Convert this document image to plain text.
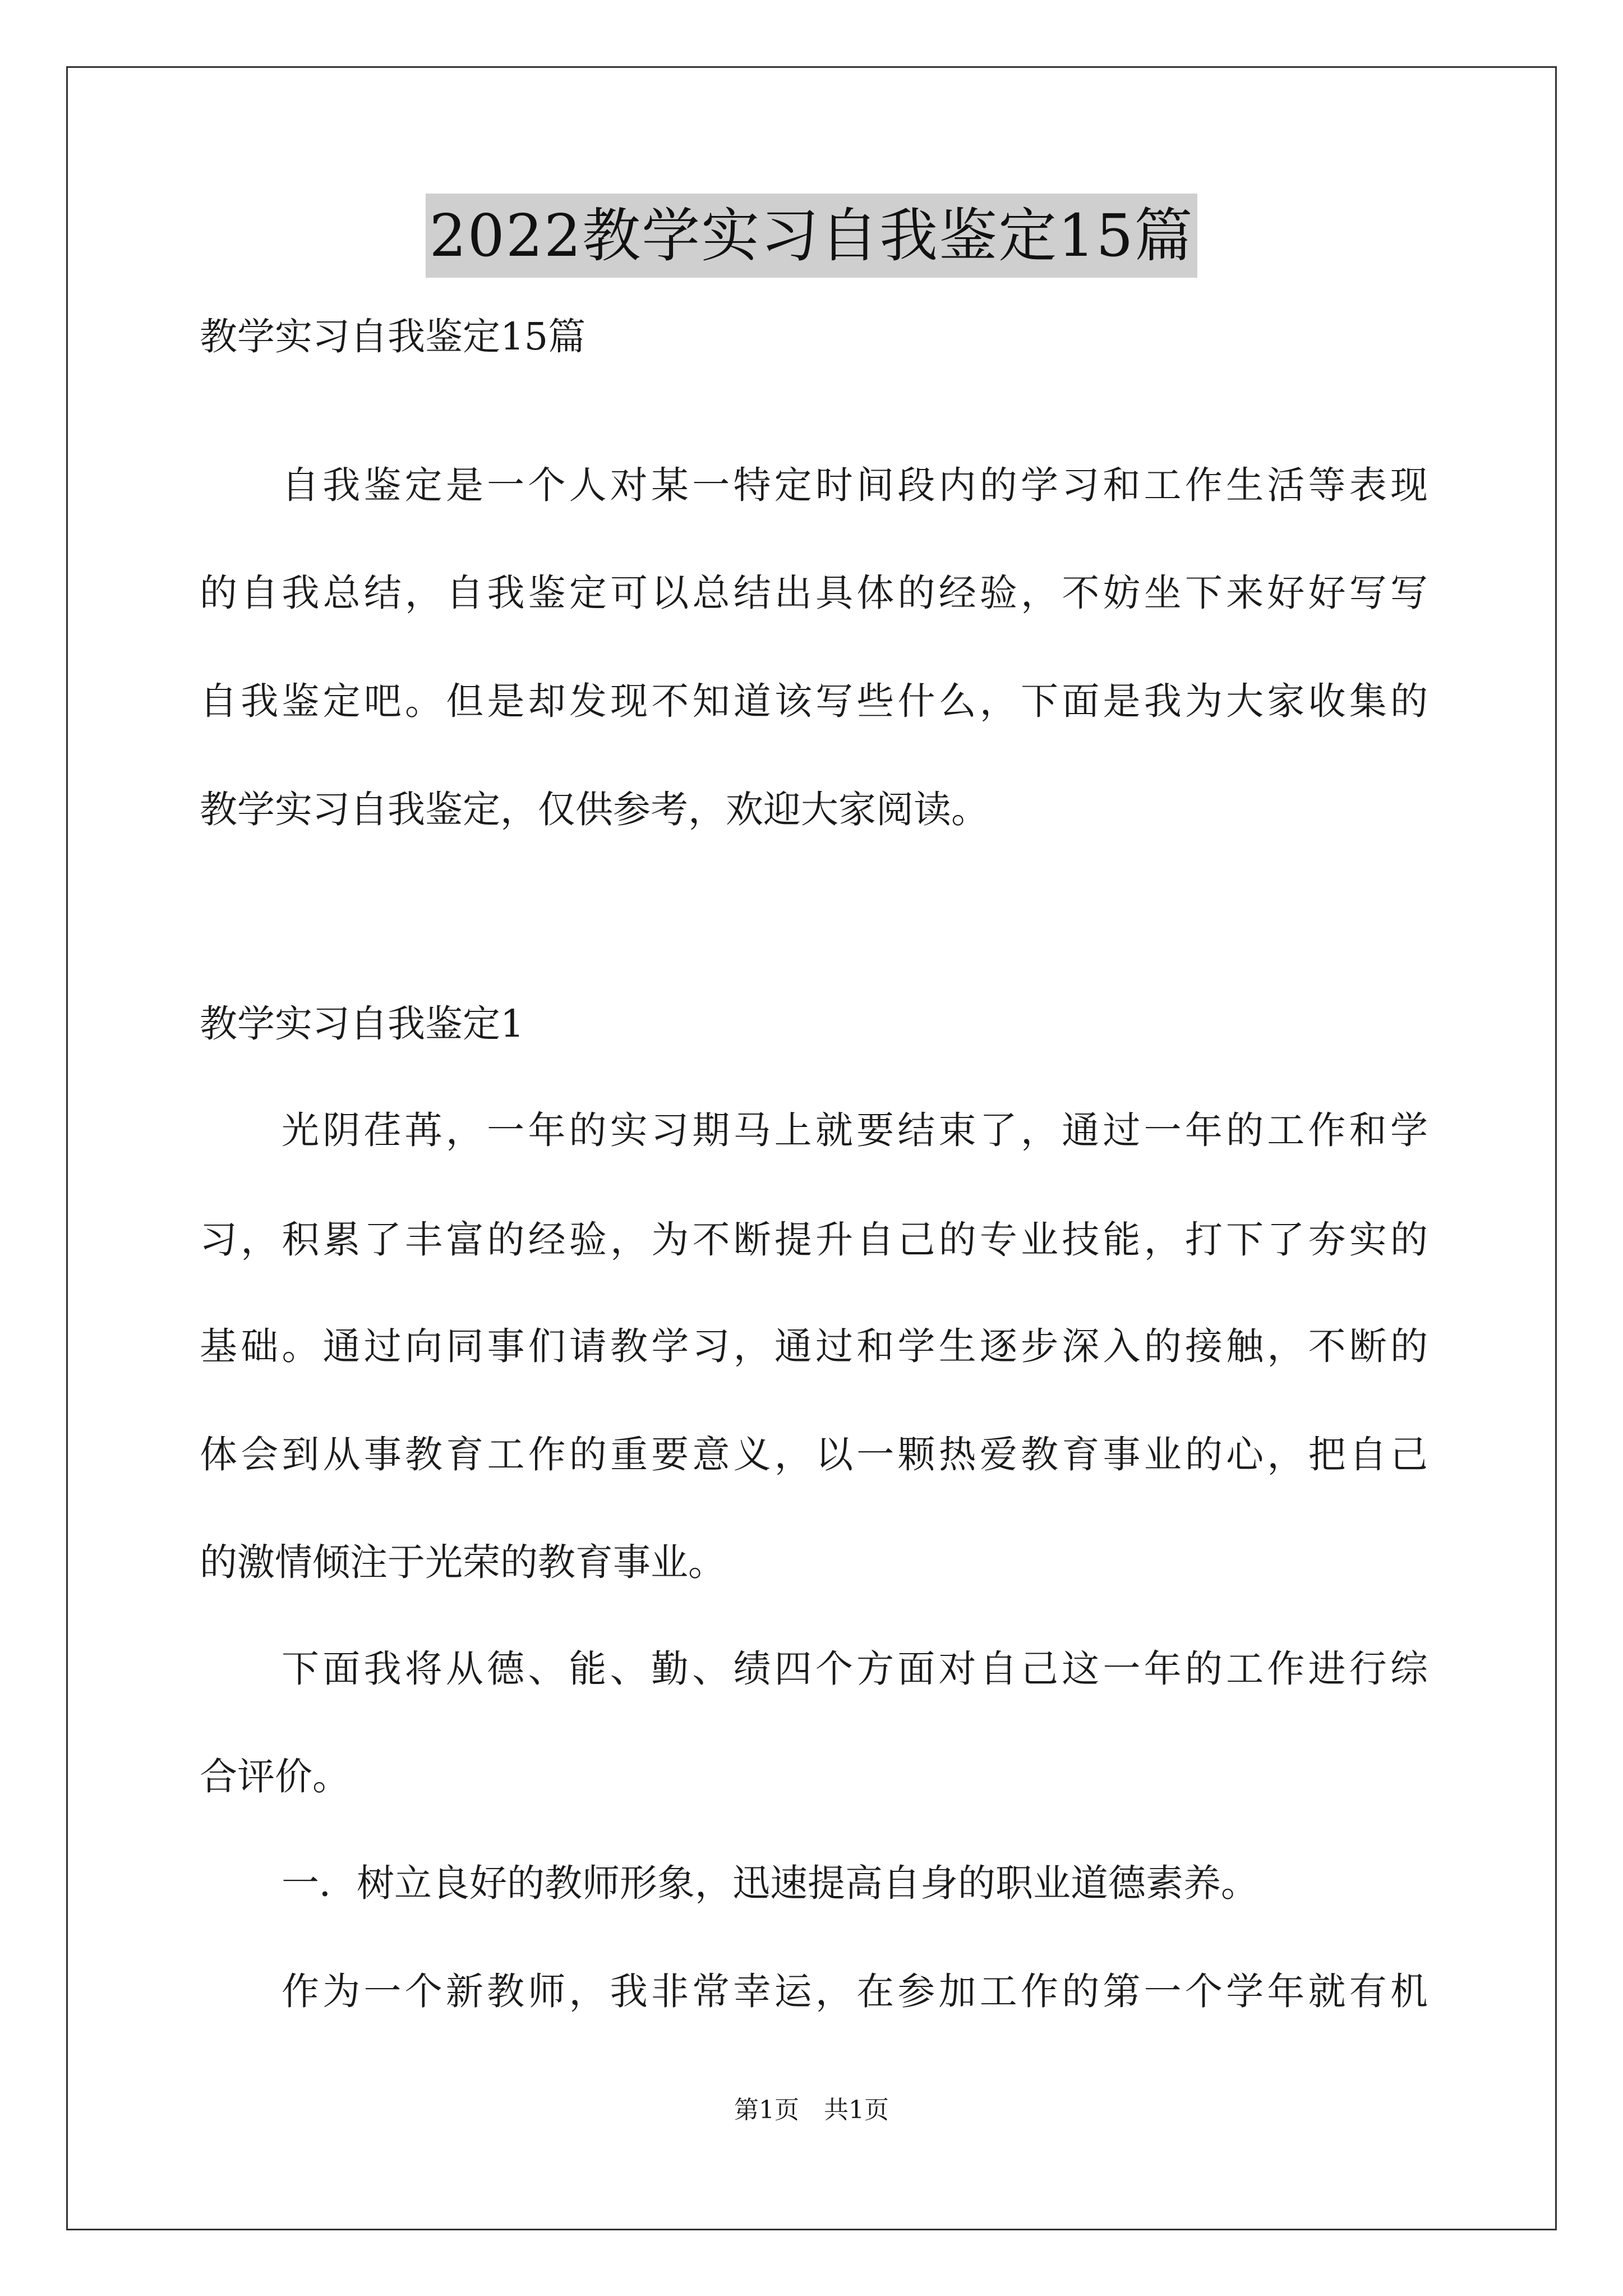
2022教学实习自我鉴定15篇
教学实习自我鉴定15篇
自我鉴定是一个人对某一特定时间段内的学习和工作生活等表现
的自我总结，自我鉴定可以总结出具体的经验，不妨坐下来好好写写
自我鉴定吧。但是却发现不知道该写些什么，下面是我为大家收集的
教学实习自我鉴定，仅供参考，欢迎大家阅读。
教学实习自我鉴定1
光阴荏苒，一年的实习期马上就要结束了，通过一年的工作和学
习，积累了丰富的经验，为不断提升自己的专业技能，打下了夯实的
基础。通过向同事们请教学习，通过和学生逐步深入的接触，不断的
体会到从事教育工作的重要意义，以一颗热爱教育事业的心，把自己
的激情倾注于光荣的教育事业。
下面我将从德、能、勤、绩四个方面对自己这一年的工作进行综
合评价。
一．树立良好的教师形象，迅速提高自身的职业道德素养。
作为一个新教师，我非常幸运，在参加工作的第一个学年就有机
第1页　共1页
